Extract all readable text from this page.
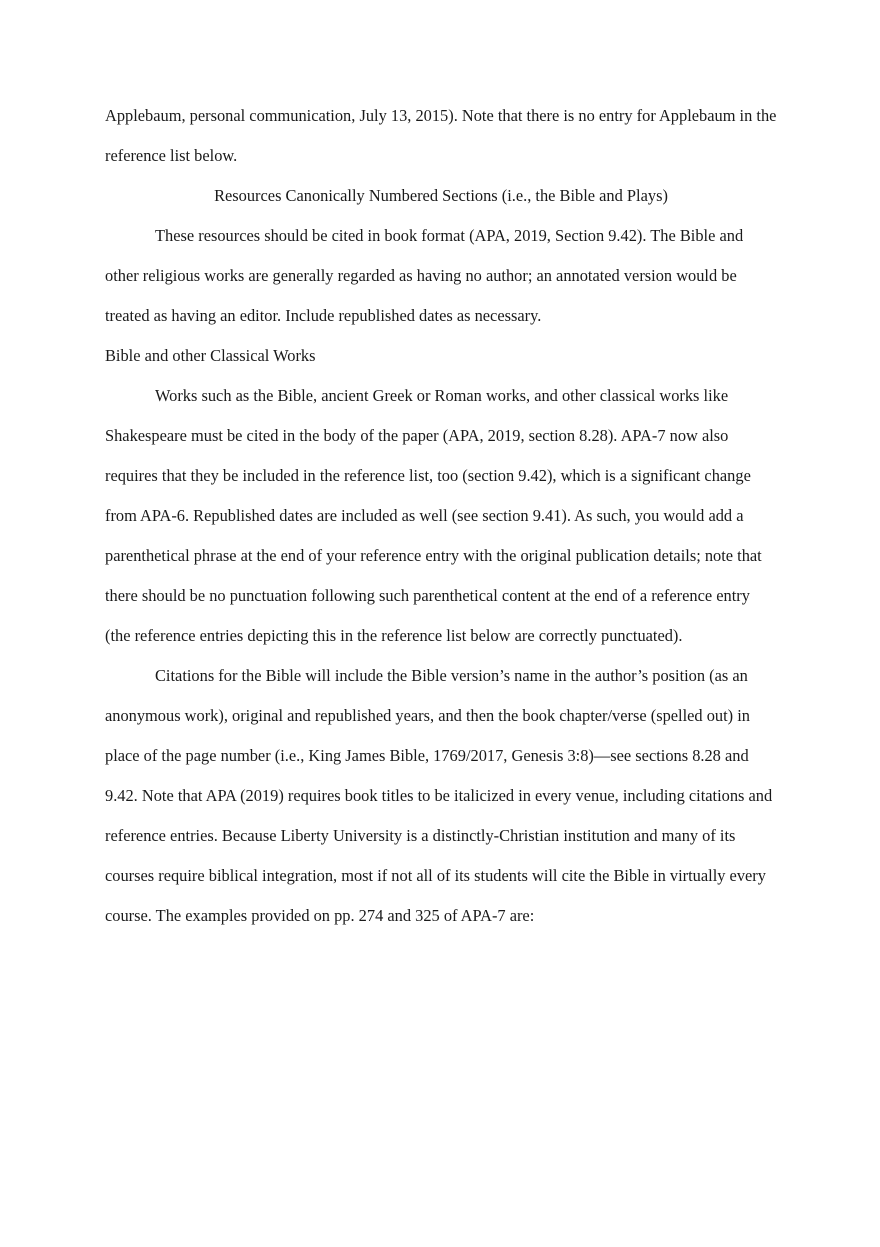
Applebaum, personal communication, July 13, 2015). Note that there is no entry for Applebaum in the reference list below.

Resources Canonically Numbered Sections (i.e., the Bible and Plays)

These resources should be cited in book format (APA, 2019, Section 9.42). The Bible and other religious works are generally regarded as having no author; an annotated version would be treated as having an editor. Include republished dates as necessary.

Bible and other Classical Works

Works such as the Bible, ancient Greek or Roman works, and other classical works like Shakespeare must be cited in the body of the paper (APA, 2019, section 8.28). APA-7 now also requires that they be included in the reference list, too (section 9.42), which is a significant change from APA-6. Republished dates are included as well (see section 9.41). As such, you would add a parenthetical phrase at the end of your reference entry with the original publication details; note that there should be no punctuation following such parenthetical content at the end of a reference entry (the reference entries depicting this in the reference list below are correctly punctuated).

Citations for the Bible will include the Bible version’s name in the author’s position (as an anonymous work), original and republished years, and then the book chapter/verse (spelled out) in place of the page number (i.e., King James Bible, 1769/2017, Genesis 3:8)—see sections 8.28 and 9.42. Note that APA (2019) requires book titles to be italicized in every venue, including citations and reference entries. Because Liberty University is a distinctly-Christian institution and many of its courses require biblical integration, most if not all of its students will cite the Bible in virtually every course. The examples provided on pp. 274 and 325 of APA-7 are:
